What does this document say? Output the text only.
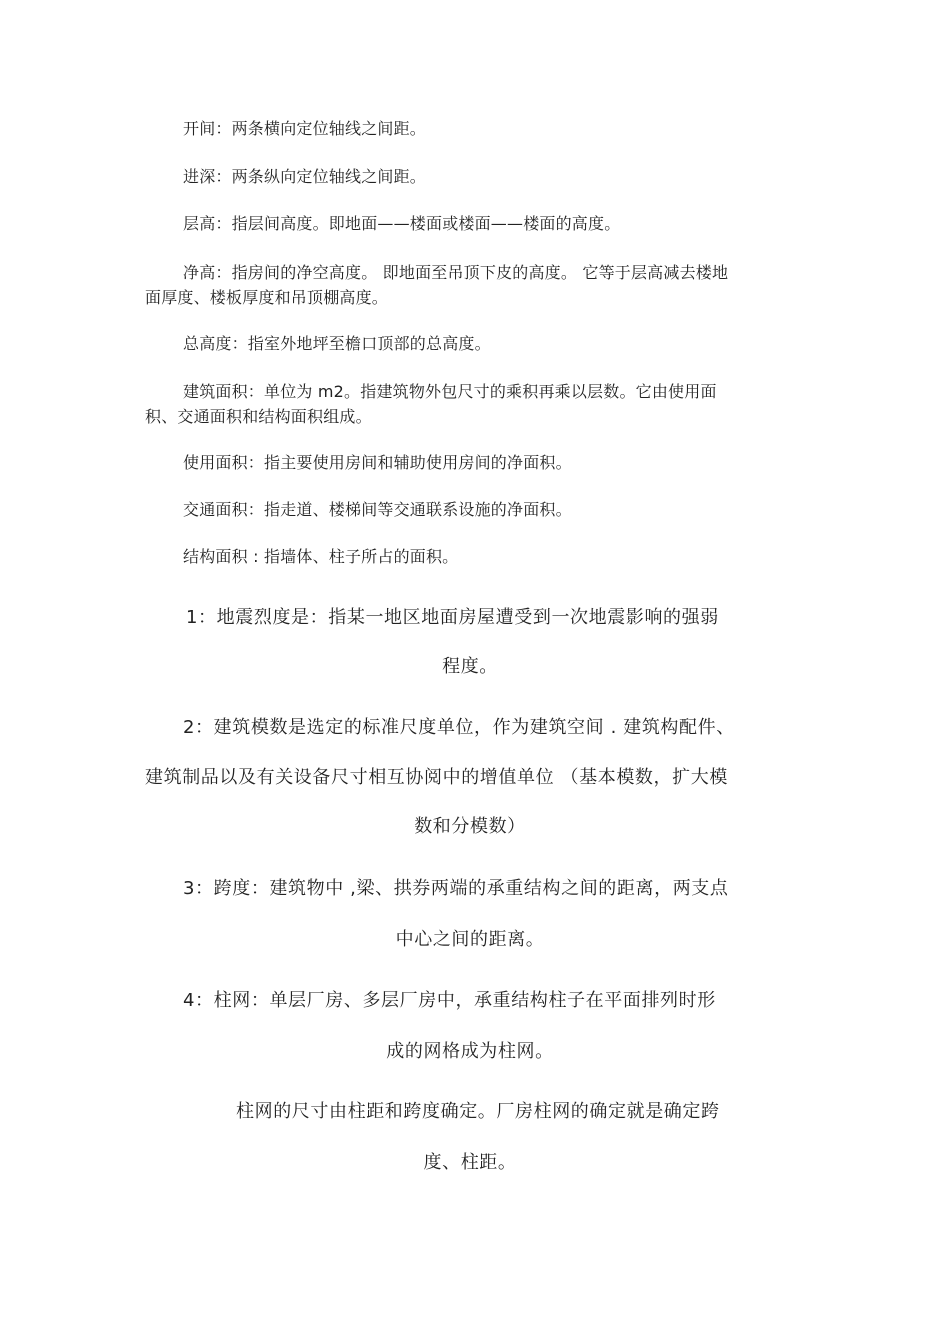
开间：两条横向定位轴线之间距。
进深：两条纵向定位轴线之间距。
层高：指层间高度。即地面——楼面或楼面——楼面的高度。
净高：指房间的净空高度。 即地面至吊顶下皮的高度。 它等于层高减去楼地
面厚度、楼板厚度和吊顶棚高度。
总高度：指室外地坪至檐口顶部的总高度。
建筑面积：单位为 m2。指建筑物外包尺寸的乘积再乘以层数。它由使用面
积、交通面积和结构面积组成。
使用面积：指主要使用房间和辅助使用房间的净面积。
交通面积：指走道、楼梯间等交通联系设施的净面积。
结构面积 : 指墙体、柱子所占的面积。
1：地震烈度是：指某一地区地面房屋遭受到一次地震影响的强弱
程度。
2：建筑模数是选定的标准尺度单位，作为建筑空间 . 建筑构配件、
建筑制品以及有关设备尺寸相互协阅中的增值单位 （基本模数，扩大模
数和分模数）
3：跨度：建筑物中 ,梁、拱券两端的承重结构之间的距离，两支点
中心之间的距离。
4：柱网：单层厂房、多层厂房中，承重结构柱子在平面排列时形
成的网格成为柱网。
柱网的尺寸由柱距和跨度确定。厂房柱网的确定就是确定跨
度、柱距。
